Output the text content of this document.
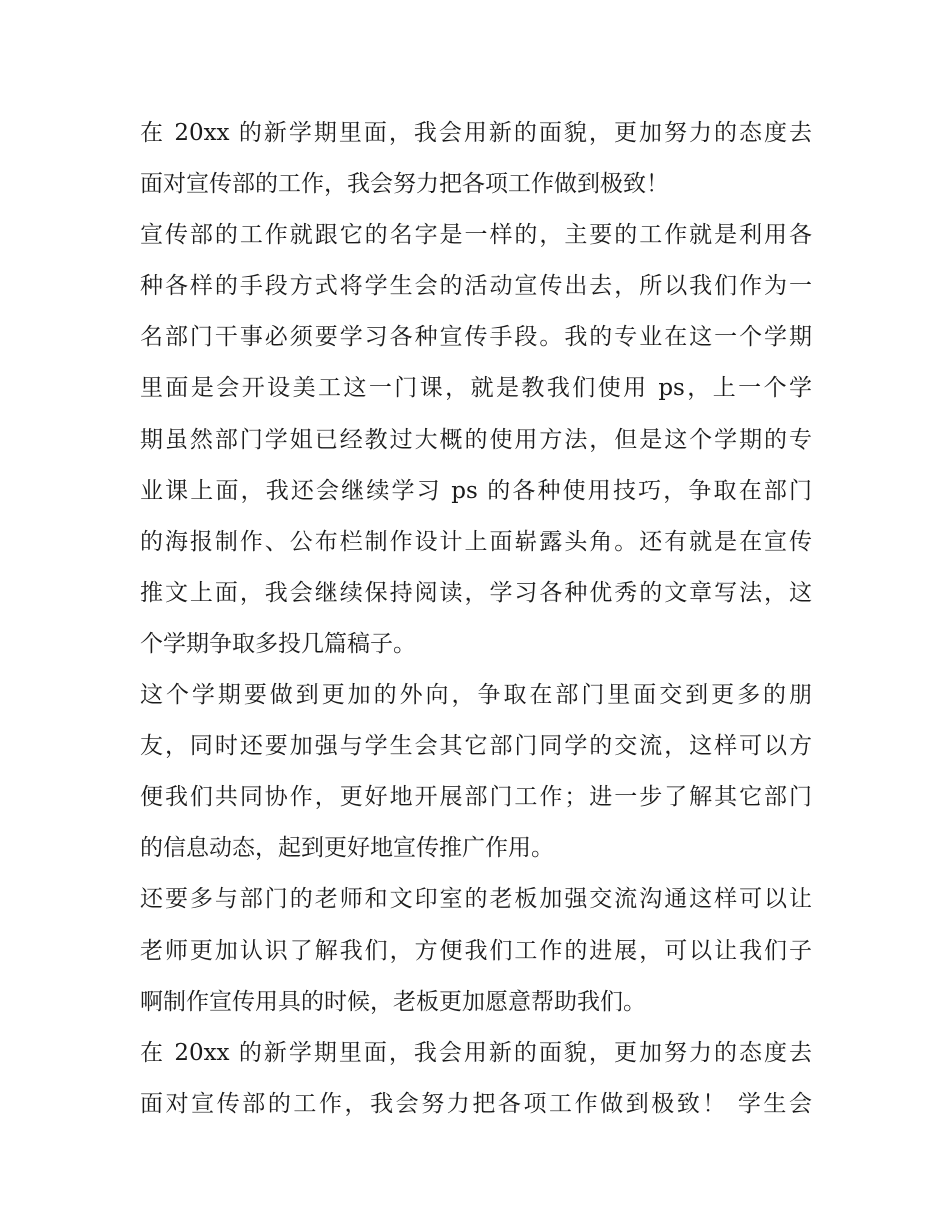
在 20xx 的新学期里面，我会用新的面貌，更加努力的态度去
面对宣传部的工作，我会努力把各项工作做到极致！
宣传部的工作就跟它的名字是一样的，主要的工作就是利用各
种各样的手段方式将学生会的活动宣传出去，所以我们作为一
名部门干事必须要学习各种宣传手段。我的专业在这一个学期
里面是会开设美工这一门课，就是教我们使用 ps，上一个学
期虽然部门学姐已经教过大概的使用方法，但是这个学期的专
业课上面，我还会继续学习 ps 的各种使用技巧，争取在部门
的海报制作、公布栏制作设计上面崭露头角。还有就是在宣传
推文上面，我会继续保持阅读，学习各种优秀的文章写法，这
个学期争取多投几篇稿子。
这个学期要做到更加的外向，争取在部门里面交到更多的朋
友，同时还要加强与学生会其它部门同学的交流，这样可以方
便我们共同协作，更好地开展部门工作；进一步了解其它部门
的信息动态，起到更好地宣传推广作用。
还要多与部门的老师和文印室的老板加强交流沟通这样可以让
老师更加认识了解我们，方便我们工作的进展，可以让我们子
啊制作宣传用具的时候，老板更加愿意帮助我们。
在 20xx 的新学期里面，我会用新的面貌，更加努力的态度去
面对宣传部的工作，我会努力把各项工作做到极致！ 学生会
